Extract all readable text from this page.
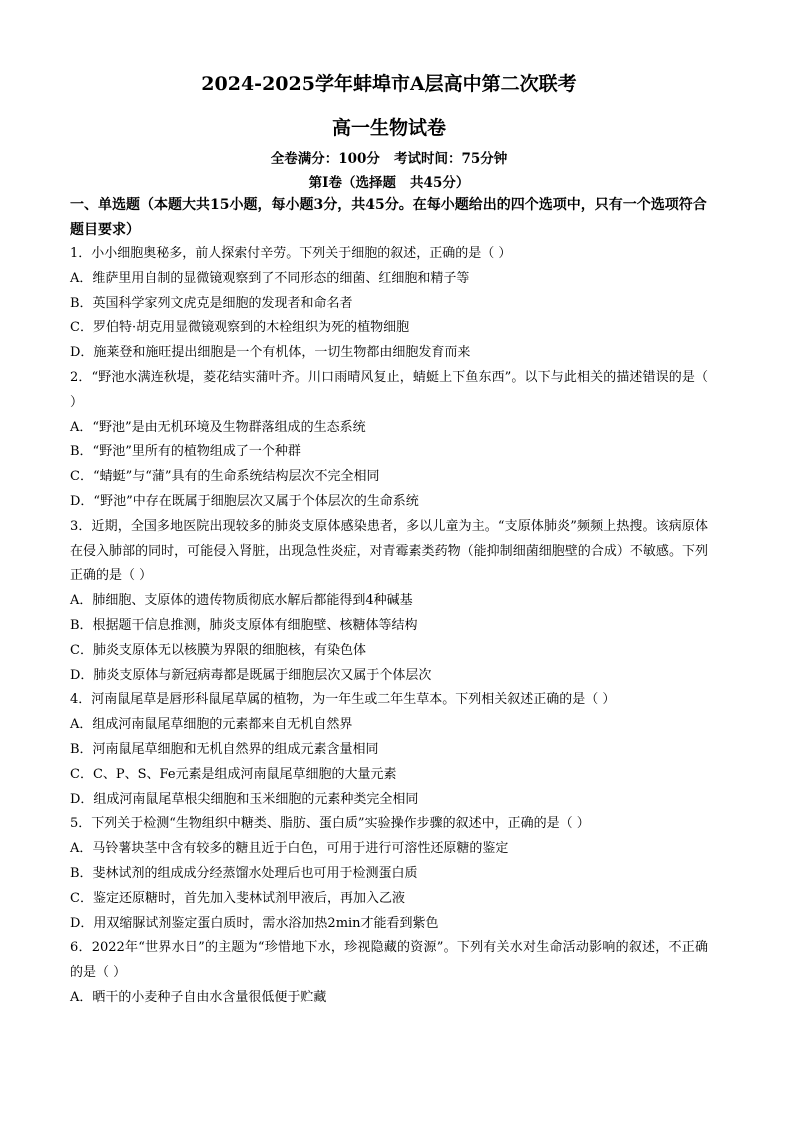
2024-2025学年蚌埠市A层高中第二次联考
高一生物试卷
全卷满分：100分   考试时间：75分钟
第I卷（选择题   共45分）
一、单选题（本题大共15小题，每小题3分，共45分。在每小题给出的四个选项中，只有一个选项符合题目要求）
1．小小细胞奥秘多，前人探索付辛劳。下列关于细胞的叙述，正确的是（ ）
A．维萨里用自制的显微镜观察到了不同形态的细菌、红细胞和精子等
B．英国科学家列文虎克是细胞的发现者和命名者
C．罗伯特·胡克用显微镜观察到的木栓组织为死的植物细胞
D．施莱登和施旺提出细胞是一个有机体，一切生物都由细胞发育而来
2．“野池水满连秋堤，菱花结实蒲叶齐。川口雨晴风复止，蜻蜓上下鱼东西”。以下与此相关的描述错误的是（ ）
A．“野池”是由无机环境及生物群落组成的生态系统
B．“野池”里所有的植物组成了一个种群
C．“蜻蜓”与“蒲”具有的生命系统结构层次不完全相同
D．“野池”中存在既属于细胞层次又属于个体层次的生命系统
3．近期，全国多地医院出现较多的肺炎支原体感染患者，多以儿童为主。“支原体肺炎”频频上热搜。该病原体在侵入肺部的同时，可能侵入肾脏，出现急性炎症，对青霉素类药物（能抑制细菌细胞壁的合成）不敏感。下列正确的是（ ）
A．肺细胞、支原体的遗传物质彻底水解后都能得到4种碱基
B．根据题干信息推测，肺炎支原体有细胞壁、核糖体等结构
C．肺炎支原体无以核膜为界限的细胞核，有染色体
D．肺炎支原体与新冠病毒都是既属于细胞层次又属于个体层次
4．河南鼠尾草是唇形科鼠尾草属的植物，为一年生或二年生草本。下列相关叙述正确的是（ ）
A．组成河南鼠尾草细胞的元素都来自无机自然界
B．河南鼠尾草细胞和无机自然界的组成元素含量相同
C．C、P、S、Fe元素是组成河南鼠尾草细胞的大量元素
D．组成河南鼠尾草根尖细胞和玉米细胞的元素种类完全相同
5．下列关于检测“生物组织中糖类、脂肪、蛋白质”实验操作步骤的叙述中，正确的是（ ）
A．马铃薯块茎中含有较多的糖且近于白色，可用于进行可溶性还原糖的鉴定
B．斐林试剂的组成成分经蒸馏水处理后也可用于检测蛋白质
C．鉴定还原糖时，首先加入斐林试剂甲液后，再加入乙液
D．用双缩脲试剂鉴定蛋白质时，需水浴加热2min才能看到紫色
6．2022年“世界水日”的主题为“珍惜地下水，珍视隐藏的资源”。下列有关水对生命活动影响的叙述，不正确的是（ ）
A．晒干的小麦种子自由水含量很低便于贮藏
